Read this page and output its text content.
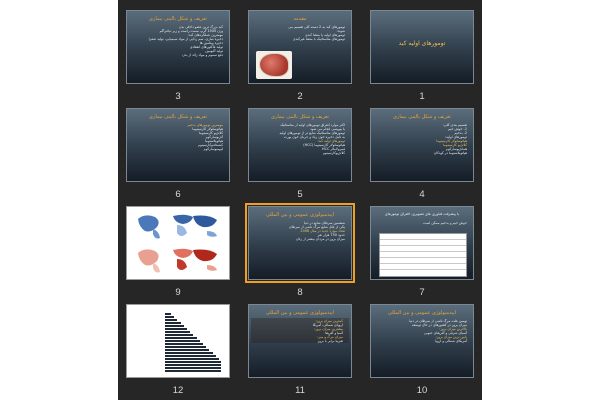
تومورهای اولیه کبد
1
مقدمه
تومورهای کبد به 2 دسته کلی تقسیم می
شوند:
تومورهای اولیه یا منشا کبدی
تومورهای متاستاتیک با منشا غیرکبدی
2
تعریف و شکل بالینی بیماری
کبد بزرگ ترین عضو داخلی بدن
وزن 1500 گرم، سمت راست و زیر دیافراگم
مهمترین عملکردهای کبد:
ذخیره سازی، سم زدایی از مواد شیمیایی، تولید صفرا
ذخیره ویتامین ها
تولید فاکتورهای انعقادی
تولید آلبومین
دفع سموم و مواد زائد از بدن
3
تعریف و شکل بالینی بیماری
تقسیم بندی کلی:
1- خوش خیم
2- بدخیم
تومورهای اولیه:
هپاتوسلولار کارسینوما
کلانژیو کارسینوما
همانژیوسارکوم
هپاتوبلاستوما در کودکان
4
تعریف و شکل بالینی بیماری
اکثر موارد افتراق تومورهای اولیه از متاستاتیک
با بیوپسی انجام می شود
تومورهای متاستاتیک شایع تر از تومورهای اولیه
به دلیل ذخیره خون زیاد و جریان خون پورت
تومورهای اولیه کبد:
هپاتوسلولار کارسینوما (HCC)
فیبرولاملار HCC
کلانژیوکارسینوم
5
تعریف و شکل بالینی بیماری
مهمترین تومورهای بدخیم
هپاتوسلولار کارسینوما
کلانژیو کارسینوما
آنژیوسارکوم
هپاتوبلاستوما
کیستادنوکارسینوم
لیومیوسارکوم
6
با پیشرفت فناوری های تصویری، افتراق تومورهای
خوش خیم و بدخیم ممکن است
7
اپیدمیولوژی عمومی و بین المللی
ششمین سرطان شایع در دنیا
یکی از علل شایع مرگ ناشی از سرطان
تعداد موارد جدید در سال 2008
حدود 750 هزار نفر
میزان بروز در مردان بیشتر از زنان
8
9
اپیدمیولوژی عمومی و بین المللی
نهمین علت مرگ ناشی از سرطان در دنیا
میزان بروز در کشورهای در حال توسعه
بالاترین میزان بروز:
آسیای شرقی و آفریقای جنوبی
پایین ترین میزان بروز:
آمریکای شمالی و اروپا
10
اپیدمیولوژی عمومی و بین المللی
کمترین میزان بروز:
اروپای شمالی، آمریکا
بیشترین میزان بروز:
آسیا و آفریقا
میزان مرگ و میر:
تقریبا برابر با بروز
11
12
